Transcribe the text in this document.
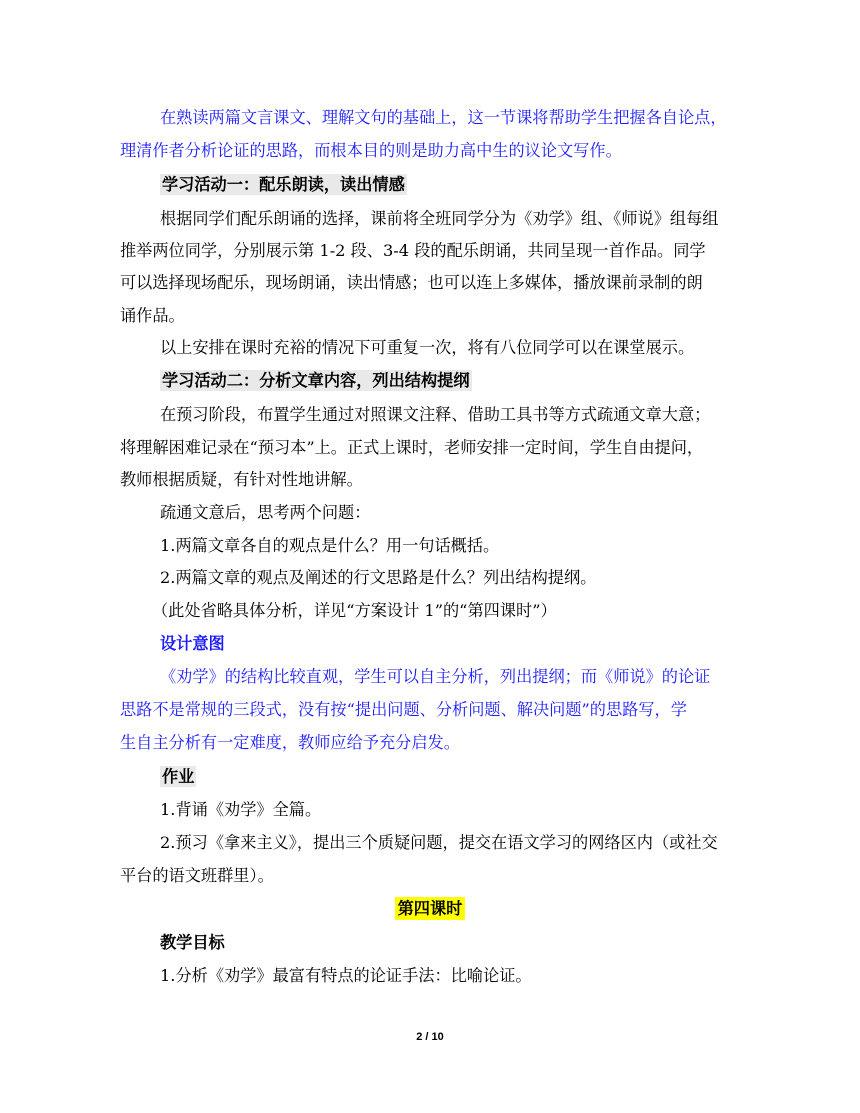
在熟读两篇文言课文、理解文句的基础上，这一节课将帮助学生把握各自论点，
理清作者分析论证的思路，而根本目的则是助力高中生的议论文写作。
学习活动一：配乐朗读，读出情感
根据同学们配乐朗诵的选择，课前将全班同学分为《劝学》组、《师说》组每组
推举两位同学，分别展示第 1-2 段、3-4 段的配乐朗诵，共同呈现一首作品。同学
可以选择现场配乐，现场朗诵，读出情感；也可以连上多媒体，播放课前录制的朗
诵作品。
以上安排在课时充裕的情况下可重复一次，将有八位同学可以在课堂展示。
学习活动二：分析文章内容，列出结构提纲
在预习阶段，布置学生通过对照课文注释、借助工具书等方式疏通文章大意；
将理解困难记录在“预习本”上。正式上课时，老师安排一定时间，学生自由提问，
教师根据质疑，有针对性地讲解。
疏通文意后，思考两个问题：
1.两篇文章各自的观点是什么？用一句话概括。
2.两篇文章的观点及阐述的行文思路是什么？列出结构提纲。
（此处省略具体分析，详见“方案设计 1”的“第四课时”）
设计意图
《劝学》的结构比较直观，学生可以自主分析，列出提纲；而《师说》的论证
思路不是常规的三段式，没有按“提出问题、分析问题、解决问题”的思路写，学
生自主分析有一定难度，教师应给予充分启发。
作业
1.背诵《劝学》全篇。
2.预习《拿来主义》，提出三个质疑问题，提交在语文学习的网络区内（或社交
平台的语文班群里）。
第四课时
教学目标
1.分析《劝学》最富有特点的论证手法：比喻论证。
2 / 10
